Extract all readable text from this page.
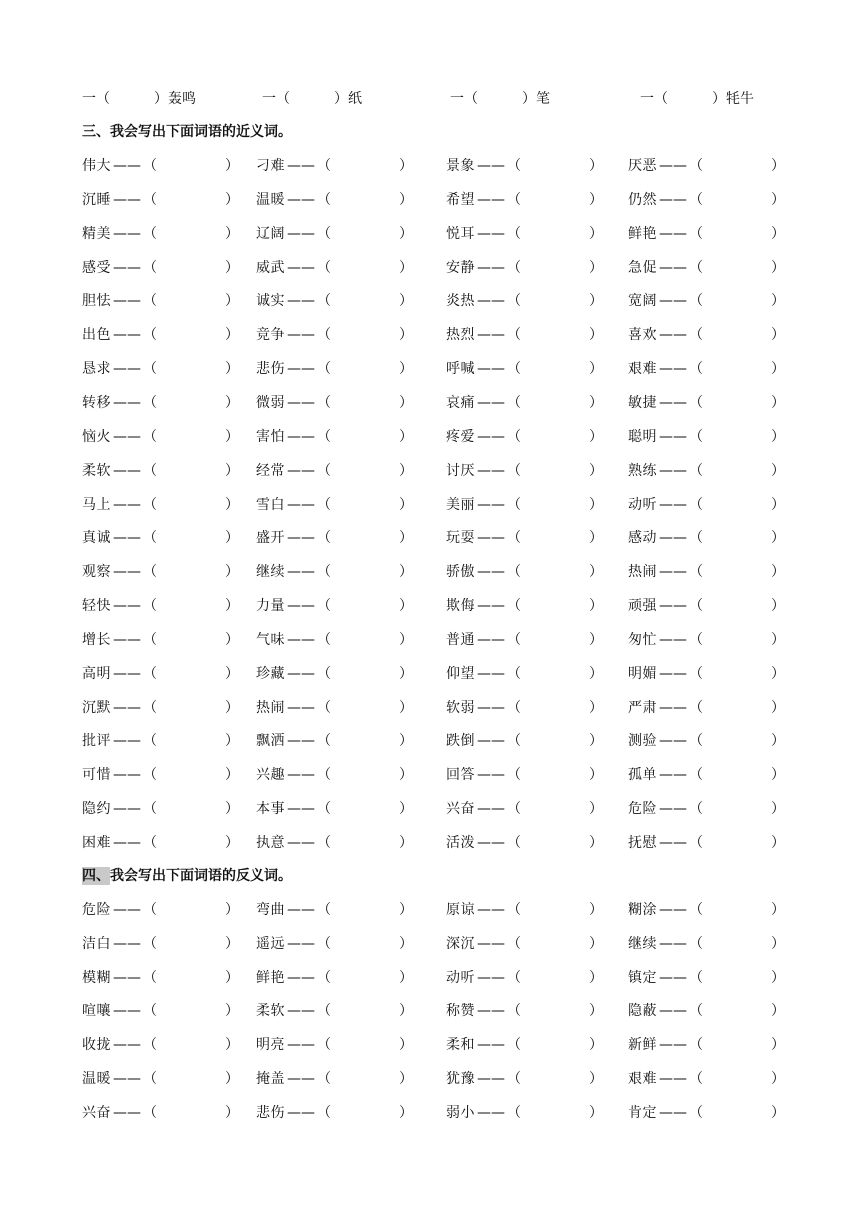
一（	）轰鸣	一（	）纸	一（	）笔	一（	）牦牛
三、我会写出下面词语的近义词。
伟大 —— （	） 刁难 —— （	） 景象 —— （	） 厌恶 —— （	）
沉睡 —— （	） 温暖 —— （	） 希望 —— （	） 仍然 —— （	）
精美 —— （	） 辽阔 —— （	） 悦耳 —— （	） 鲜艳 —— （	）
感受 —— （	） 威武 —— （	） 安静 —— （	） 急促 —— （	）
胆怯 —— （	） 诚实 —— （	） 炎热 —— （	） 宽阔 —— （	）
出色 —— （	） 竞争 —— （	） 热烈 —— （	） 喜欢 —— （	）
恳求 —— （	） 悲伤 —— （	） 呼喊 —— （	） 艰难 —— （	）
转移 —— （	） 微弱 —— （	） 哀痛 —— （	） 敏捷 —— （	）
恼火 —— （	） 害怕 —— （	） 疼爱 —— （	） 聪明 —— （	）
柔软 —— （	） 经常 —— （	） 讨厌 —— （	） 熟练 —— （	）
马上 —— （	） 雪白 —— （	） 美丽 —— （	） 动听 —— （	）
真诚 —— （	） 盛开 —— （	） 玩耍 —— （	） 感动 —— （	）
观察 —— （	） 继续 —— （	） 骄傲 —— （	） 热闹 —— （	）
轻快 —— （	） 力量 —— （	） 欺侮 —— （	） 顽强 —— （	）
增长 —— （	） 气味 —— （	） 普通 —— （	） 匆忙 —— （	）
高明 —— （	） 珍藏 —— （	） 仰望 —— （	） 明媚 —— （	）
沉默 —— （	） 热闹 —— （	） 软弱 —— （	） 严肃 —— （	）
批评 —— （	） 飘洒 —— （	） 跌倒 —— （	） 测验 —— （	）
可惜 —— （	） 兴趣 —— （	） 回答 —— （	） 孤单 —— （	）
隐约 —— （	） 本事 —— （	） 兴奋 —— （	） 危险 —— （	）
困难 —— （	） 执意 —— （	） 活泼 —— （	） 抚慰 —— （	）
四、我会写出下面词语的反义词。
危险 —— （	） 弯曲 —— （	） 原谅 —— （	） 糊涂 —— （	）
洁白 —— （	） 遥远 —— （	） 深沉 —— （	） 继续 —— （	）
模糊 —— （	） 鲜艳 —— （	） 动听 —— （	） 镇定 —— （	）
喧嚷 —— （	） 柔软 —— （	） 称赞 —— （	） 隐蔽 —— （	）
收拢 —— （	） 明亮 —— （	） 柔和 —— （	） 新鲜 —— （	）
温暖 —— （	） 掩盖 —— （	） 犹豫 —— （	） 艰难 —— （	）
兴奋 —— （	） 悲伤 —— （	） 弱小 —— （	） 肯定 —— （	）
